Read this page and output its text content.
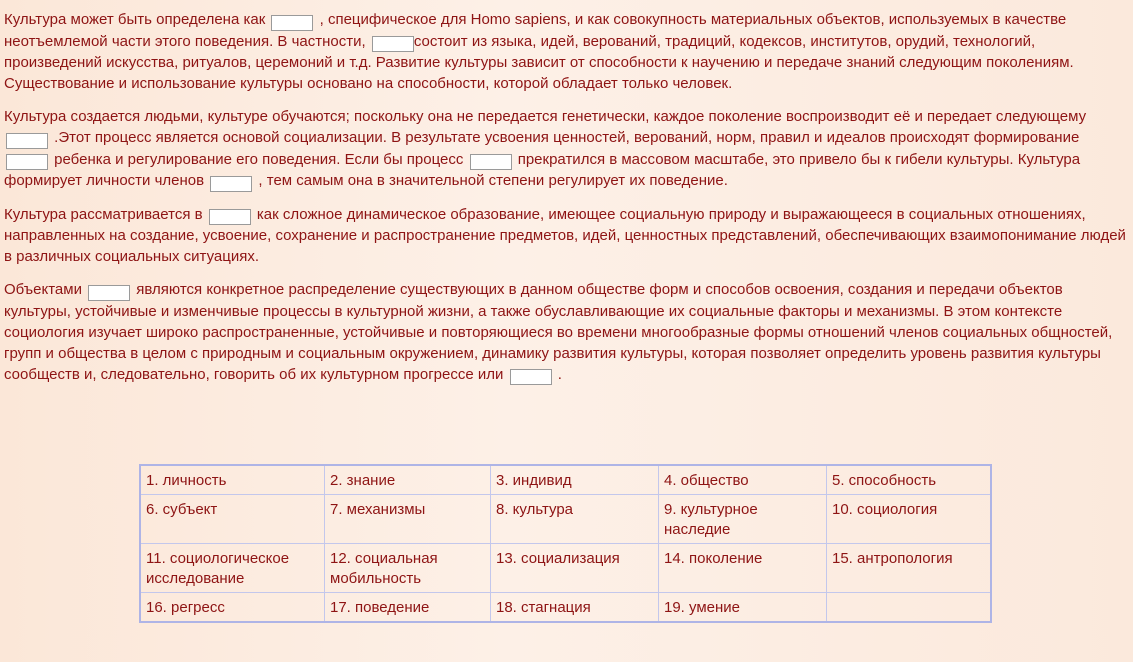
Культура может быть определена как	, специфическое для Homo sapiens, и как совокупность материальных объектов, используемых в качестве неотъемлемой части этого поведения. В частности,	состоит из языка, идей, верований, традиций, кодексов, институтов, орудий, технологий, произведений искусства, ритуалов, церемоний и т.д. Развитие культуры зависит от способности к научению и передаче знаний следующим поколениям. Существование и использование культуры основано на способности, которой обладает только человек.

Культура создается людьми, культуре обучаются; поскольку она не передается генетически, каждое поколение воспроизводит её и передает следующему  .Этот процесс является основой социализации. В результате усвоения ценностей, верований, норм, правил и идеалов происходят формирование  ребенка и регулирование его поведения. Если бы процесс	прекратился в массовом масштабе, это привело бы к гибели культуры. Культура формирует личности членов	, тем самым она в значительной степени регулирует их поведение.

Культура рассматривается в	как сложное динамическое образование, имеющее социальную природу и выражающееся в социальных отношениях, направленных на создание, усвоение, сохранение и распространение предметов, идей, ценностных представлений, обеспечивающих взаимопонимание людей в различных социальных ситуациях.

Объектами	являются конкретное распределение существующих в данном обществе форм и способов освоения, создания и передачи объектов культуры, устойчивые и изменчивые процессы в культурной жизни, а также обуславливающие их социальные факторы и механизмы. В этом контексте социология изучает широко распространенные, устойчивые и повторяющиеся во времени многообразные формы отношений членов социальных общностей, групп и общества в целом с природным и социальным окружением, динамику развития культуры, которая позволяет определить уровень развития культуры сообществ и, следовательно, говорить об их культурном прогрессе или	.

1. личность	2. знание	3. индивид	4. общество	5. способность
6. субъект	7. механизмы	8. культура	9. культурное наследие	10. социология
11. социологическое исследование	12. социальная мобильность	13. социализация	14. поколение	15. антропология
16. регресс	17. поведение	18. стагнация	19. умение	
